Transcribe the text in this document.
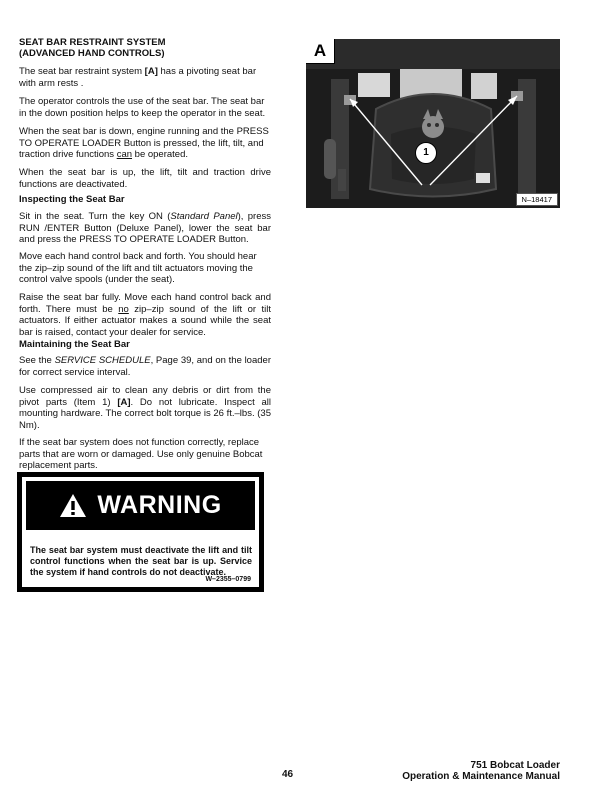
SEAT BAR RESTRAINT SYSTEM

(ADVANCED HAND CONTROLS)

The seat bar restraint system [A] has a pivoting seat bar with arm rests .

The operator controls the use of the seat bar. The seat bar in the down position helps to keep the operator in the seat.

When the seat bar is down, engine running and the PRESS TO OPERATE LOADER Button is pressed, the lift, tilt, and traction drive functions can be operated.

When the seat bar is up, the lift, tilt and traction drive functions are deactivated.

Inspecting the Seat Bar

Sit in the seat. Turn the key ON (Standard Panel), press RUN /ENTER Button (Deluxe Panel), lower the seat bar and press the PRESS TO OPERATE LOADER Button.

Move each hand control back and forth. You should hear the zip–zip sound of the lift and tilt actuators moving the control valve spools (under the seat).

Raise the seat bar fully. Move each hand control back and forth. There must be no zip–zip sound of the lift or tilt actuators. If either actuator makes a sound while the seat bar is raised, contact your dealer for service.

Maintaining the Seat Bar

See the SERVICE SCHEDULE, Page 39, and on the loader for correct service interval.

Use compressed air to clean any debris or dirt from the pivot parts (Item 1) [A]. Do not lubricate. Inspect all mounting hardware. The correct bolt torque is 26 ft.–lbs. (35 Nm).

If the seat bar system does not function correctly, replace parts that are worn or damaged. Use only genuine Bobcat replacement parts.

WARNING

The seat bar system must deactivate the lift and tilt control functions when the seat bar is up. Service the system if hand controls do not deactivate.

W–2355–0799
A
N–18417
1
46
751 Bobcat Loader
Operation & Maintenance Manual
